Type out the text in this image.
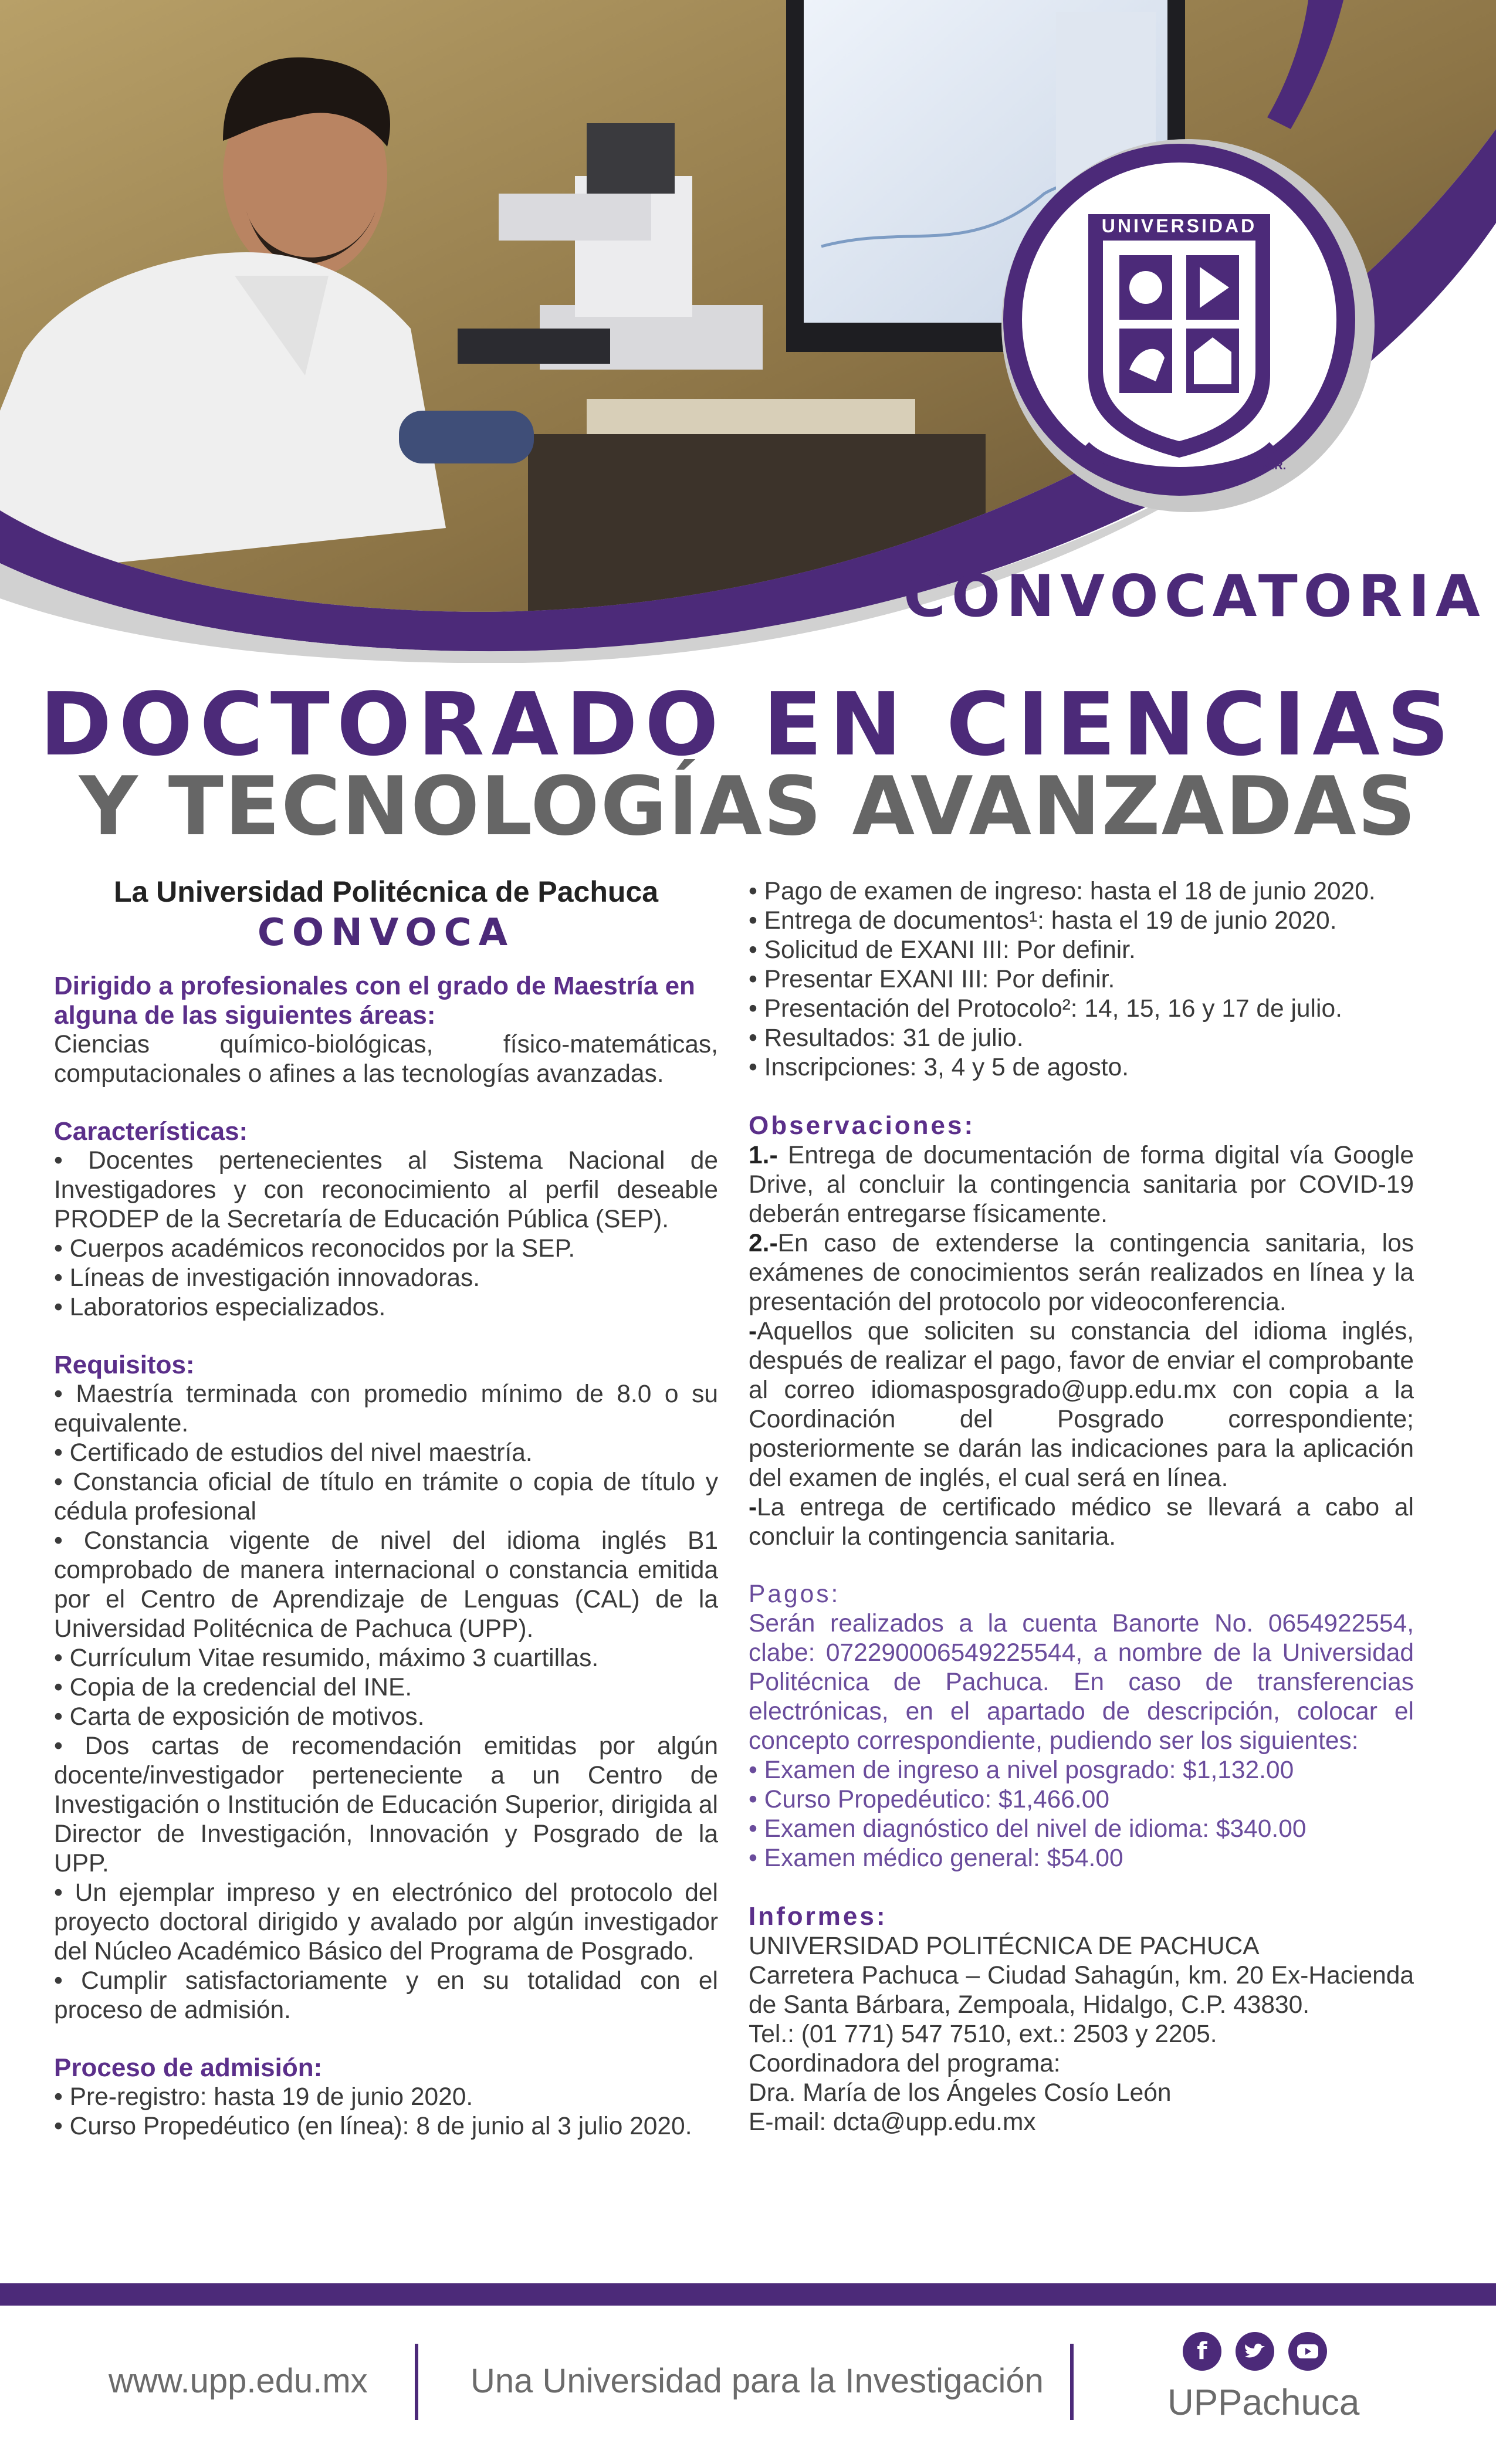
UNIVERSIDAD
M.R.
CONVOCATORIA
DOCTORADO EN CIENCIAS
Y TECNOLOGÍAS AVANZADAS
La Universidad Politécnica de Pachuca
CONVOCA
Dirigido a profesionales con el grado de Maestría en alguna de las siguientes áreas:

Ciencias químico-biológicas, físico-matemáticas, computacionales o afines a las tecnologías avanzadas.

Características:
• Docentes pertenecientes al Sistema Nacional de Investigadores y con reconocimiento al perfil deseable PRODEP de la Secretaría de Educación Pública (SEP).
• Cuerpos académicos reconocidos por la SEP.
• Líneas de investigación innovadoras.
• Laboratorios especializados.
Requisitos:
• Maestría terminada con promedio mínimo de 8.0 o su equivalente.
• Certificado de estudios del nivel maestría.
• Constancia oficial de título en trámite o copia de título y cédula profesional
• Constancia vigente de nivel del idioma inglés B1 comprobado de manera internacional o constancia emitida por el Centro de Aprendizaje de Lenguas (CAL) de la Universidad Politécnica de Pachuca (UPP).
• Currículum Vitae resumido, máximo 3 cuartillas.
• Copia de la credencial del INE.
• Carta de exposición de motivos.
• Dos cartas de recomendación emitidas por algún docente/investigador perteneciente a un Centro de Investigación o Institución de Educación Superior, dirigida al Director de Investigación, Innovación y Posgrado de la UPP.
• Un ejemplar impreso y en electrónico del protocolo del proyecto doctoral dirigido y avalado por algún investigador del Núcleo Académico Básico del Programa de Posgrado.
• Cumplir satisfactoriamente y en su totalidad con el proceso de admisión.
Proceso de admisión:
• Pre-registro: hasta 19 de junio 2020.
• Curso Propedéutico (en línea): 8 de junio al 3 julio 2020.
• Pago de examen de ingreso: hasta el 18 de junio 2020.
• Entrega de documentos¹: hasta el 19 de junio 2020.
• Solicitud de EXANI III: Por definir.
• Presentar EXANI III: Por definir.
• Presentación del Protocolo²: 14, 15, 16 y 17 de julio.
• Resultados: 31 de julio.
• Inscripciones: 3, 4 y 5 de agosto.
Observaciones:

1.- Entrega de documentación de forma digital vía Google Drive, al concluir la contingencia sanitaria por COVID-19 deberán entregarse físicamente.

2.-En caso de extenderse la contingencia sanitaria, los exámenes de conocimientos serán realizados en línea y la presentación del protocolo por videoconferencia.

-Aquellos que soliciten su constancia del idioma inglés, después de realizar el pago, favor de enviar el comprobante al correo idiomasposgrado@upp.edu.mx con copia a la Coordinación del Posgrado correspondiente; posteriormente se darán las indicaciones para la aplicación del examen de inglés, el cual será en línea.

-La entrega de certificado médico se llevará a cabo al concluir la contingencia sanitaria.

Pagos:

Serán realizados a la cuenta Banorte No. 0654922554, clabe: 072290006549225544, a nombre de la Universidad Politécnica de Pachuca. En caso de transferencias electrónicas, en el apartado de descripción, colocar el concepto correspondiente, pudiendo ser los siguientes:

• Examen de ingreso a nivel posgrado: $1,132.00
• Curso Propedéutico: $1,466.00
• Examen diagnóstico del nivel de idioma: $340.00
• Examen médico general: $54.00
Informes:
UNIVERSIDAD POLITÉCNICA DE PACHUCA
Carretera Pachuca – Ciudad Sahagún, km. 20 Ex-Hacienda de Santa Bárbara, Zempoala, Hidalgo, C.P. 43830.
Tel.: (01 771) 547 7510, ext.: 2503 y 2205.
Coordinadora del programa:
Dra. María de los Ángeles Cosío León
E-mail: dcta@upp.edu.mx
www.upp.edu.mx	Una Universidad para la Investigación
f
UPPachuca
